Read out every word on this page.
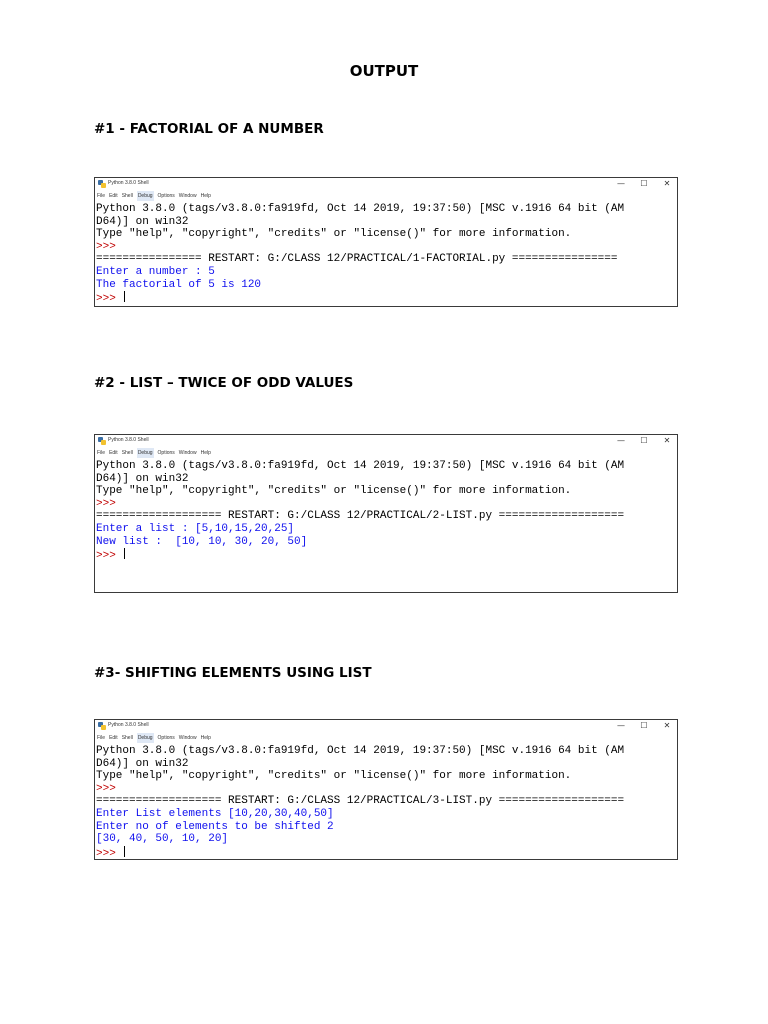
OUTPUT
#1 - FACTORIAL OF A NUMBER
Python 3.8.0 Shell	—	☐	✕
File Edit Shell Debug Options Window Help
Python 3.8.0 (tags/v3.8.0:fa919fd, Oct 14 2019, 19:37:50) [MSC v.1916 64 bit (AM
D64)] on win32
Type "help", "copyright", "credits" or "license()" for more information.
>>>
================ RESTART: G:/CLASS 12/PRACTICAL/1-FACTORIAL.py ================
Enter a number : 5
The factorial of 5 is 120
>>>
#2 - LIST – TWICE OF ODD VALUES
Python 3.8.0 Shell	—	☐	✕
File Edit Shell Debug Options Window Help
Python 3.8.0 (tags/v3.8.0:fa919fd, Oct 14 2019, 19:37:50) [MSC v.1916 64 bit (AM
D64)] on win32
Type "help", "copyright", "credits" or "license()" for more information.
>>>
=================== RESTART: G:/CLASS 12/PRACTICAL/2-LIST.py ===================
Enter a list : [5,10,15,20,25]
New list :  [10, 10, 30, 20, 50]
>>>
#3- SHIFTING ELEMENTS USING LIST
Python 3.8.0 Shell	—	☐	✕
File Edit Shell Debug Options Window Help
Python 3.8.0 (tags/v3.8.0:fa919fd, Oct 14 2019, 19:37:50) [MSC v.1916 64 bit (AM
D64)] on win32
Type "help", "copyright", "credits" or "license()" for more information.
>>>
=================== RESTART: G:/CLASS 12/PRACTICAL/3-LIST.py ===================
Enter List elements [10,20,30,40,50]
Enter no of elements to be shifted 2
[30, 40, 50, 10, 20]
>>>
